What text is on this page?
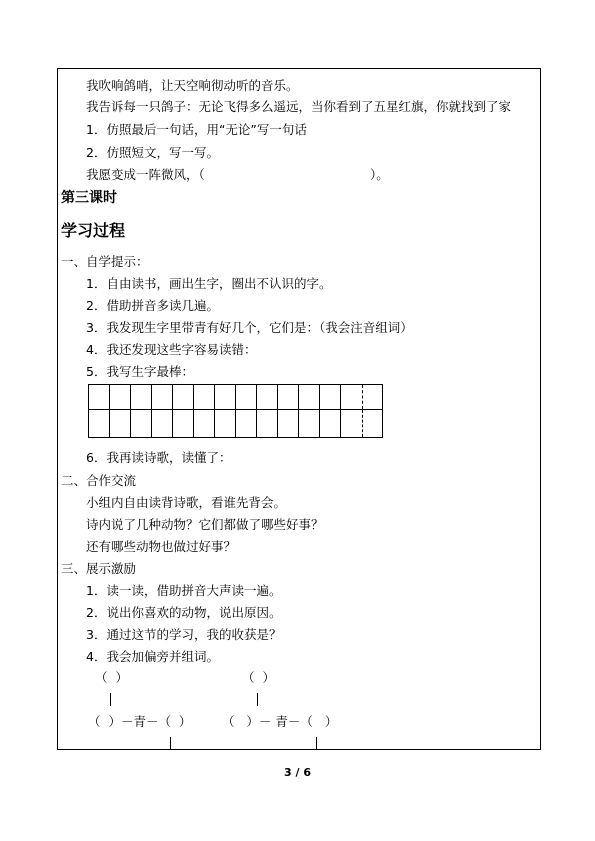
我吹响鸽哨，让天空响彻动听的音乐。
我告诉每一只鸽子：无论飞得多么遥远，当你看到了五星红旗，你就找到了家
1．仿照最后一句话，用“无论”写一句话
2．仿照短文，写一写。
我愿变成一阵微风，（	）。
第三课时
学习过程
一、自学提示：
1．自由读书，画出生字，圈出不认识的字。
2．借助拼音多读几遍。
3．我发现生字里带青有好几个，它们是：（我会注音组词）
4．我还发现这些字容易读错：
5．我写生字最棒：
6．我再读诗歌，读懂了：
二、合作交流
小组内自由读背诗歌，看谁先背会。
诗内说了几种动物？它们都做了哪些好事？
还有哪些动物也做过好事？
三、展示激励
1．读一读，借助拼音大声读一遍。
2．说出你喜欢的动物，说出原因。
3．通过这节的学习，我的收获是？
4．我会加偏旁并组词。
（  ）	（  ）
（  ）－青－（  ） （   ）－ 青－（   ）
3 / 6
